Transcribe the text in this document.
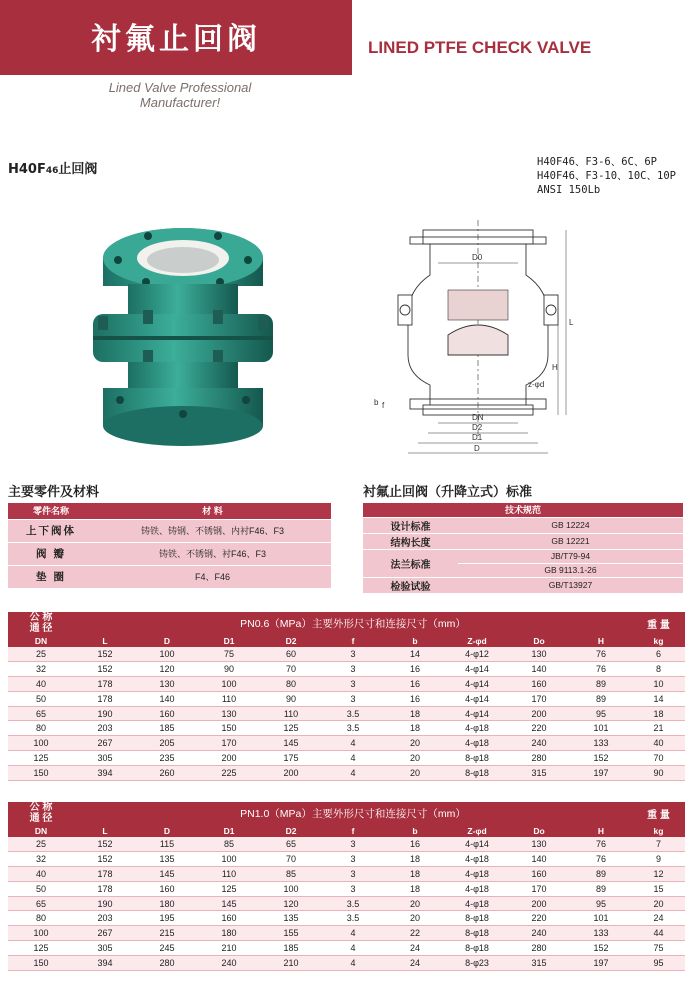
衬氟止回阀	LINED PTFE CHECK VALVE
Lined Valve Professional
Manufacturer!
H40F46止回阀	H40F46、F3-6、6C、6P
H40F46、F3-10、10C、10P
ANSI 150Lb
D0
DN
D2
D1
D
L
H
b f
z-φd
主要零件及材料	衬氟止回阀（升降立式）标准
零件名称	材 料
上下阀体	铸铁、铸钢、不锈钢、内衬F46、F3
阀 瓣	铸铁、不锈钢、衬F46、F3
垫 圈	F4、F46
技术规范	
设计标准	GB 12224
结构长度	GB 12221
法兰标准	JB/T79-94
	GB 9113.1-26
检验试验	GB/T13927
公 称
通 径	PN0.6（MPa）主要外形尺寸和连接尺寸（mm）									重 量
DN	L	D	D1	D2	f	b	Z-φd	Do	H	kg
25	152	100	75	60	3	14	4-φ12	130	76	6
32	152	120	90	70	3	16	4-φ14	140	76	8
40	178	130	100	80	3	16	4-φ14	160	89	10
50	178	140	110	90	3	16	4-φ14	170	89	14
65	190	160	130	110	3.5	18	4-φ14	200	95	18
80	203	185	150	125	3.5	18	4-φ18	220	101	21
100	267	205	170	145	4	20	4-φ18	240	133	40
125	305	235	200	175	4	20	8-φ18	280	152	70
150	394	260	225	200	4	20	8-φ18	315	197	90
公 称
通 径	PN1.0（MPa）主要外形尺寸和连接尺寸（mm）									重 量
DN	L	D	D1	D2	f	b	Z-φd	Do	H	kg
25	152	115	85	65	3	16	4-φ14	130	76	7
32	152	135	100	70	3	18	4-φ18	140	76	9
40	178	145	110	85	3	18	4-φ18	160	89	12
50	178	160	125	100	3	18	4-φ18	170	89	15
65	190	180	145	120	3.5	20	4-φ18	200	95	20
80	203	195	160	135	3.5	20	8-φ18	220	101	24
100	267	215	180	155	4	22	8-φ18	240	133	44
125	305	245	210	185	4	24	8-φ18	280	152	75
150	394	280	240	210	4	24	8-φ23	315	197	95
